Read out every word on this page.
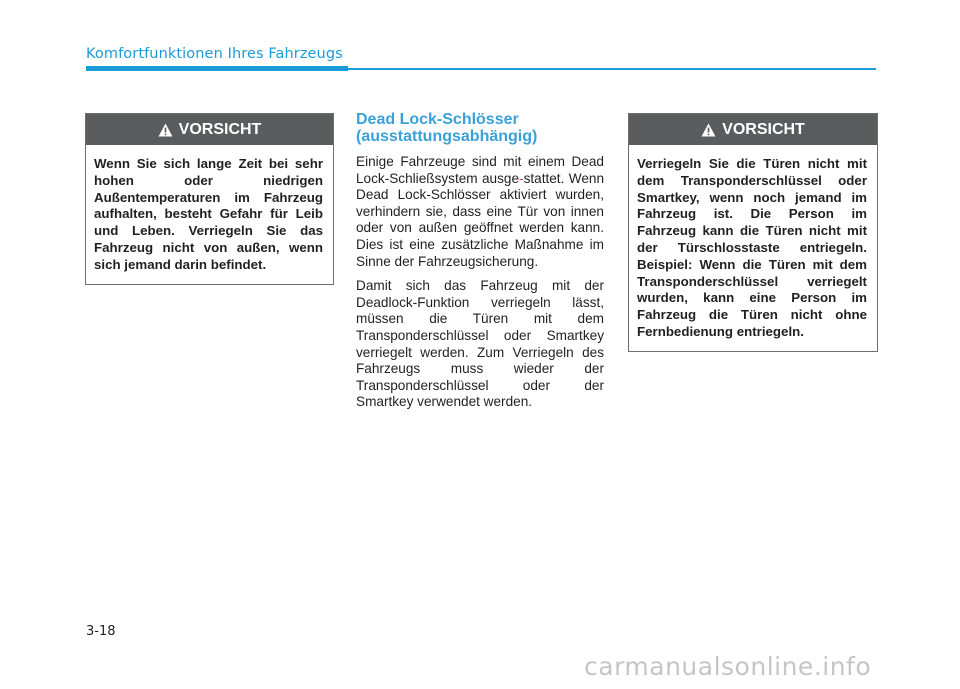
Komfortfunktionen Ihres Fahrzeugs
VORSICHT

Wenn Sie sich lange Zeit bei sehr hohen oder niedrigen Außentemperaturen im Fahrzeug aufhalten, besteht Gefahr für Leib und Leben. Verriegeln Sie das Fahrzeug nicht von außen, wenn sich jemand darin befindet.

Dead Lock-Schlösser
(ausstattungsabhängig)

Einige Fahrzeuge sind mit einem Dead Lock-Schließsystem ausge-stattet. Wenn Dead Lock-Schlösser aktiviert wurden, verhindern sie, dass eine Tür von innen oder von außen geöffnet werden kann. Dies ist eine zusätzliche Maßnahme im Sinne der Fahrzeugsicherung.

Damit sich das Fahrzeug mit der Deadlock-Funktion verriegeln lässt, müssen die Türen mit dem Transponderschlüssel oder Smartkey verriegelt werden. Zum Verriegeln des Fahrzeugs muss wieder der Transponderschlüssel oder der Smartkey verwendet werden.

VORSICHT

Verriegeln Sie die Türen nicht mit dem Transponderschlüssel oder Smartkey, wenn noch jemand im Fahrzeug ist. Die Person im Fahrzeug kann die Türen nicht mit der Türschlosstaste entriegeln. Beispiel: Wenn die Türen mit dem Transponderschlüssel verriegelt wurden, kann eine Person im Fahrzeug die Türen nicht ohne Fernbedienung entriegeln.

3-18
carmanualsonline.info
